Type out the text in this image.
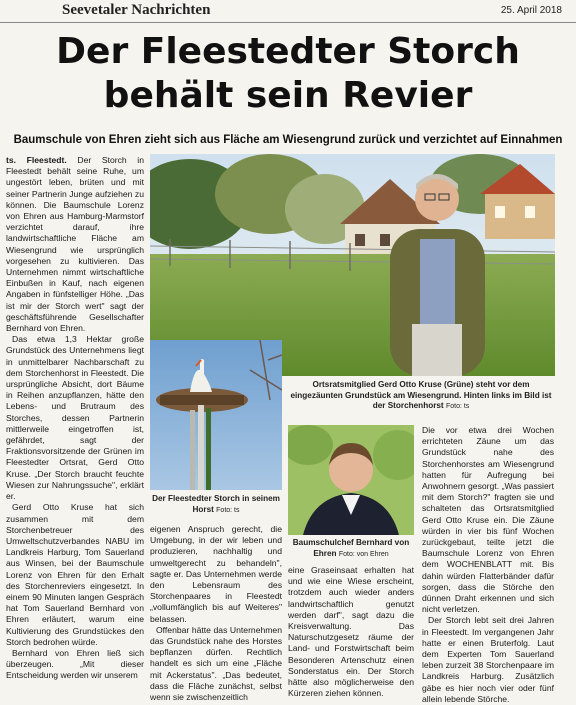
Seevetaler Nachrichten	25. April 2018
Der Fleestedter Storch
behält sein Revier
Baumschule von Ehren zieht sich aus Fläche am Wiesengrund zurück und verzichtet auf Einnahmen
Ortsratsmitglied Gerd Otto Kruse (Grüne) steht vor dem eingezäunten Grundstück am Wiesengrund. Hinten links im Bild ist der Storchenhorst Foto: ts

ts. Fleestedt. Der Storch in Fleestedt behält seine Ruhe, um ungestört leben, brüten und mit seiner Partnerin Junge aufziehen zu können. Die Baumschule Lorenz von Ehren aus Hamburg-Marmstorf verzichtet darauf, ihre landwirtschaftliche Fläche am Wiesengrund wie ursprünglich vorgesehen zu kultivieren. Das Unternehmen nimmt wirtschaftliche Einbußen in Kauf, nach eigenen Angaben in fünfstelliger Höhe. „Das ist mir der Storch wert" sagt der geschäftsführende Gesellschafter Bernhard von Ehren.

Das etwa 1,3 Hektar große Grundstück des Unternehmens liegt in unmittelbarer Nachbarschaft zu dem Storchenhorst in Fleestedt. Die ursprüngliche Absicht, dort Bäume in Reihen anzupflanzen, hätte den Lebens- und Brutraum des Storches, dessen Partnerin mittlerweile eingetroffen ist, gefährdet, sagt der Fraktionsvorsitzende der Grünen im Fleestedter Ortsrat, Gerd Otto Kruse. „Der Storch braucht feuchte Wiesen zur Nahrungssuche", erklärt er.

Gerd Otto Kruse hat sich zusammen mit dem Storchenbetreuer des Umweltschutzverbandes NABU im Landkreis Harburg, Tom Sauerland aus Winsen, bei der Baumschule Lorenz von Ehren für den Erhalt des Storchenreviers eingesetzt. In einem 90 Minuten langen Gespräch hat Tom Sauerland Bernhard von Ehren erläutert, warum eine Kultivierung des Grundstückes den Storch bedrohen würde.

Bernhard von Ehren ließ sich überzeugen. „Mit dieser Entscheidung werden wir unserem

Der Fleestedter Storch in seinem Horst Foto: ts
Baumschulchef Bernhard von Ehren Foto: von Ehren

eigenen Anspruch gerecht, die Umgebung, in der wir leben und produzieren, nachhaltig und umweltgerecht zu behandeln", sagte er. Das Unternehmen werde den Lebensraum des Storchenpaares in Fleestedt „vollumfänglich bis auf Weiteres" belassen.

Offenbar hätte das Unternehmen das Grundstück nahe des Horstes bepflanzen dürfen. Rechtlich handelt es sich um eine „Fläche mit Ackerstatus". „Das bedeutet, dass die Fläche zunächst, selbst wenn sie zwischenzeitlich

eine Graseinsaat erhalten hat und wie eine Wiese erscheint, trotzdem auch wieder anders landwirtschaftlich genutzt werden darf", sagt dazu die Kreisverwaltung. Das Naturschutzgesetz räume der Land- und Forstwirtschaft beim Besonderen Artenschutz einen Sonderstatus ein. Der Storch hätte also möglicherweise den Kürzeren ziehen können.

Die vor etwa drei Wochen errichteten Zäune um das Grundstück nahe des Storchenhorstes am Wiesengrund hatten für Aufregung bei Anwohnern gesorgt. „Was passiert mit dem Storch?" fragten sie und schalteten das Ortsratsmitglied Gerd Otto Kruse ein. Die Zäune würden in vier bis fünf Wochen zurückgebaut, teilte jetzt die Baumschule Lorenz von Ehren dem WOCHENBLATT mit. Bis dahin würden Flatterbänder dafür sorgen, dass die Störche den dünnen Draht erkennen und sich nicht verletzen.

Der Storch lebt seit drei Jahren in Fleestedt. Im vergangenen Jahr hatte er einen Bruterfolg. Laut dem Experten Tom Sauerland leben zurzeit 38 Storchenpaare im Landkreis Harburg. Zusätzlich gäbe es hier noch vier oder fünf allein lebende Störche.
